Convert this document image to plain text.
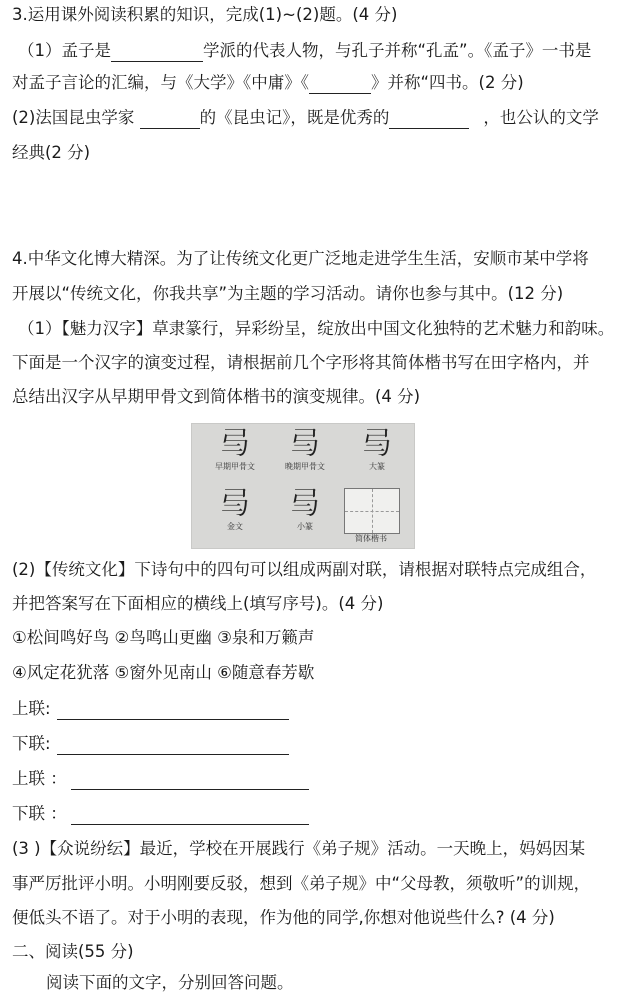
3.运用课外阅读积累的知识，完成(1)~(2)题。(4 分)
（1）孟子是	学派的代表人物，与孔子并称“孔孟”。《孟子》一书是
对孟子言论的汇编，与《大学》《中庸》《	》并称“四书。(2 分)
(2)法国昆虫学家	的《昆虫记》，既是优秀的	，也公认的文学
经典(2 分)
4.中华文化博大精深。为了让传统文化更广泛地走进学生生活，安顺市某中学将
开展以“传统文化，你我共享”为主题的学习活动。请你也参与其中。(12 分)
（1）【魅力汉字】草隶篆行，异彩纷呈，绽放出中国文化独特的艺术魅力和韵味。
下面是一个汉字的演变过程，请根据前几个字形将其简体楷书写在田字格内，并
总结出汉字从早期甲骨文到简体楷书的演变规律。(4 分)
𢎥
早期甲骨文
𢎥
晚期甲骨文
𢎥
大篆
𢎥
金文
𢎥
小篆
简体楷书
(2)【传统文化】下诗句中的四句可以组成两副对联，请根据对联特点完成组合，
并把答案写在下面相应的横线上(填写序号)。(4 分)
①松间鸣好鸟 ②鸟鸣山更幽 ③泉和万籁声
④风定花犹落 ⑤窗外见南山 ⑥随意春芳歇
上联:
下联:
上联 ：
下联 ：
(3 )【众说纷纭】最近，学校在开展践行《弟子规》活动。一天晚上，妈妈因某
事严厉批评小明。小明刚要反驳，想到《弟子规》中“父母教，须敬听”的训规，
便低头不语了。对于小明的表现，作为他的同学,你想对他说些什么? (4 分)
二、阅读(55 分)
阅读下面的文字，分别回答问题。
